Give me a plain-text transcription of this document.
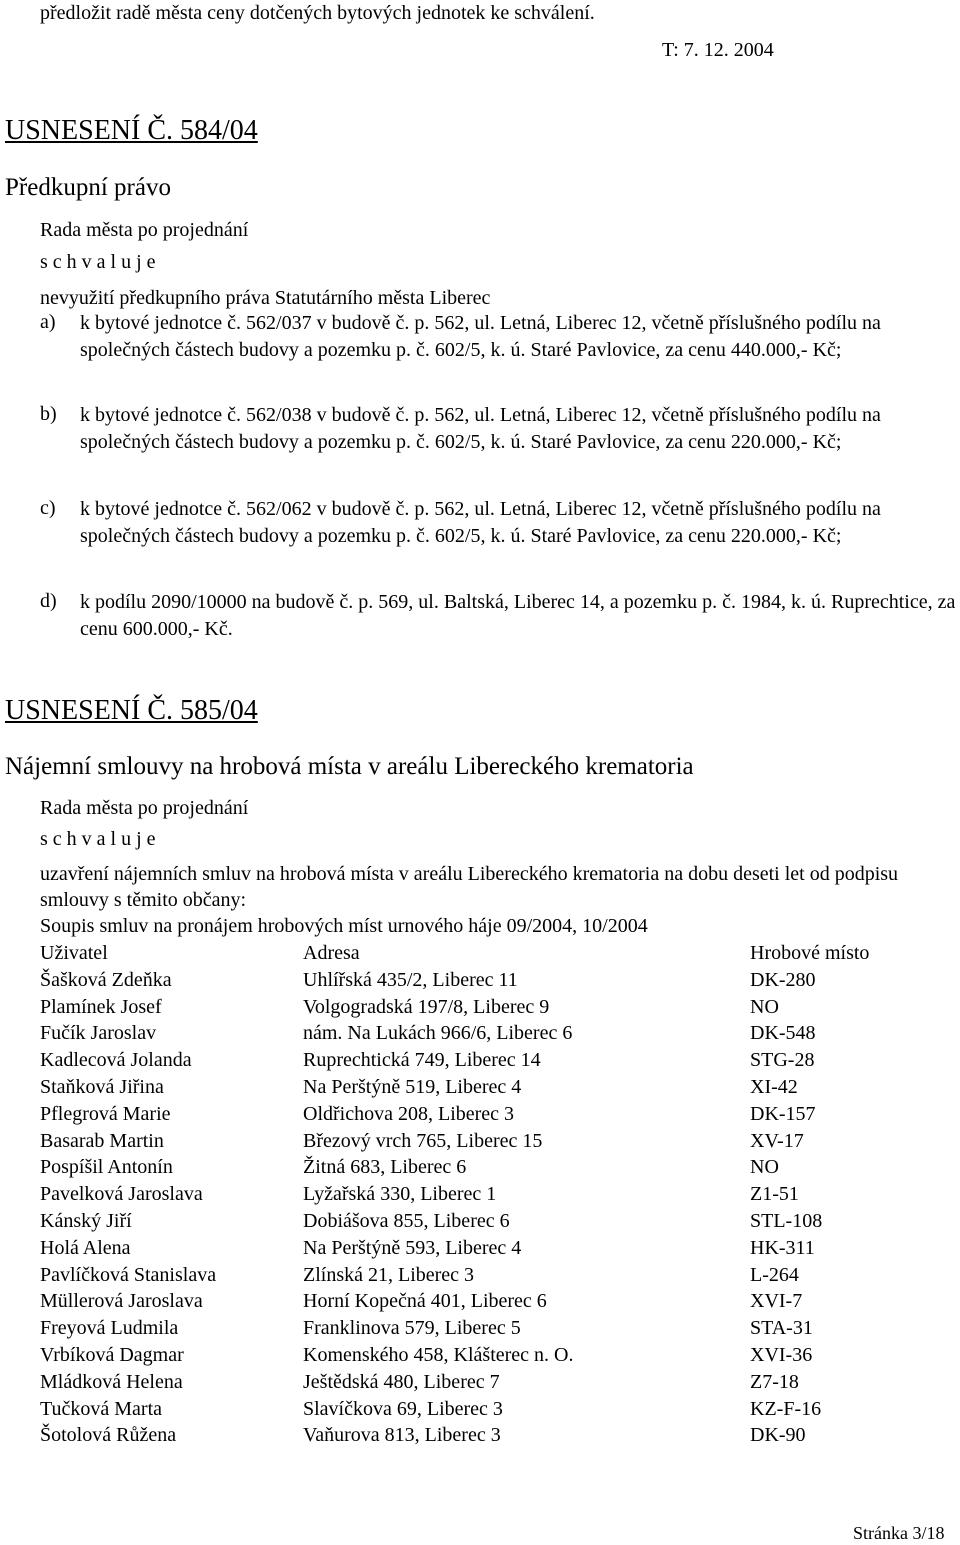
předložit radě města ceny dotčených bytových jednotek ke schválení.
T: 7. 12. 2004
USNESENÍ Č. 584/04
Předkupní právo
Rada města po projednání
s c h v a l u j e
nevyužití předkupního práva Statutárního města Liberec
a) k bytové jednotce č. 562/037 v budově č. p. 562, ul. Letná, Liberec 12, včetně příslušného podílu na společných částech budovy a pozemku p. č. 602/5, k. ú. Staré Pavlovice, za cenu 440.000,- Kč;
b) k bytové jednotce č. 562/038 v budově č. p. 562, ul. Letná, Liberec 12, včetně příslušného podílu na společných částech budovy a pozemku p. č. 602/5, k. ú. Staré Pavlovice, za cenu 220.000,- Kč;
c) k bytové jednotce č. 562/062 v budově č. p. 562, ul. Letná, Liberec 12, včetně příslušného podílu na společných částech budovy a pozemku p. č. 602/5, k. ú. Staré Pavlovice, za cenu 220.000,- Kč;
d) k podílu 2090/10000 na budově č. p. 569, ul. Baltská, Liberec 14, a pozemku p. č. 1984, k. ú. Ruprechtice, za cenu 600.000,- Kč.
USNESENÍ Č. 585/04
Nájemní smlouvy na hrobová místa v areálu Libereckého krematoria
Rada města po projednání
s c h v a l u j e
uzavření nájemních smluv na hrobová místa v areálu Libereckého krematoria na dobu deseti let od podpisu smlouvy s těmito občany:
Soupis smluv na pronájem hrobových míst urnového háje 09/2004, 10/2004
Uživatel	Adresa	Hrobové místo
Šašková Zdeňka	Uhlířská 435/2, Liberec 11	DK-280
Plamínek Josef	Volgogradská 197/8, Liberec 9	NO
Fučík Jaroslav	nám. Na Lukách 966/6, Liberec 6	DK-548
Kadlecová Jolanda	Ruprechtická 749, Liberec 14	STG-28
Staňková Jiřina	Na Perštýně 519, Liberec 4	XI-42
Pflegrová Marie	Oldřichova 208, Liberec 3	DK-157
Basarab Martin	Březový vrch 765, Liberec 15	XV-17
Pospíšil Antonín	Žitná 683, Liberec 6	NO
Pavelková Jaroslava	Lyžařská 330, Liberec 1	Z1-51
Kánský Jiří	Dobiášova 855, Liberec 6	STL-108
Holá Alena	Na Perštýně 593, Liberec 4	HK-311
Pavlíčková Stanislava	Zlínská 21, Liberec 3	L-264
Müllerová Jaroslava	Horní Kopečná 401, Liberec 6	XVI-7
Freyová Ludmila	Franklinova 579, Liberec 5	STA-31
Vrbíková Dagmar	Komenského 458, Klášterec n. O.	XVI-36
Mládková Helena	Ještědská 480, Liberec 7	Z7-18
Tučková Marta	Slavíčkova 69, Liberec 3	KZ-F-16
Šotolová Růžena	Vaňurova 813, Liberec 3	DK-90
Stránka 3/18
